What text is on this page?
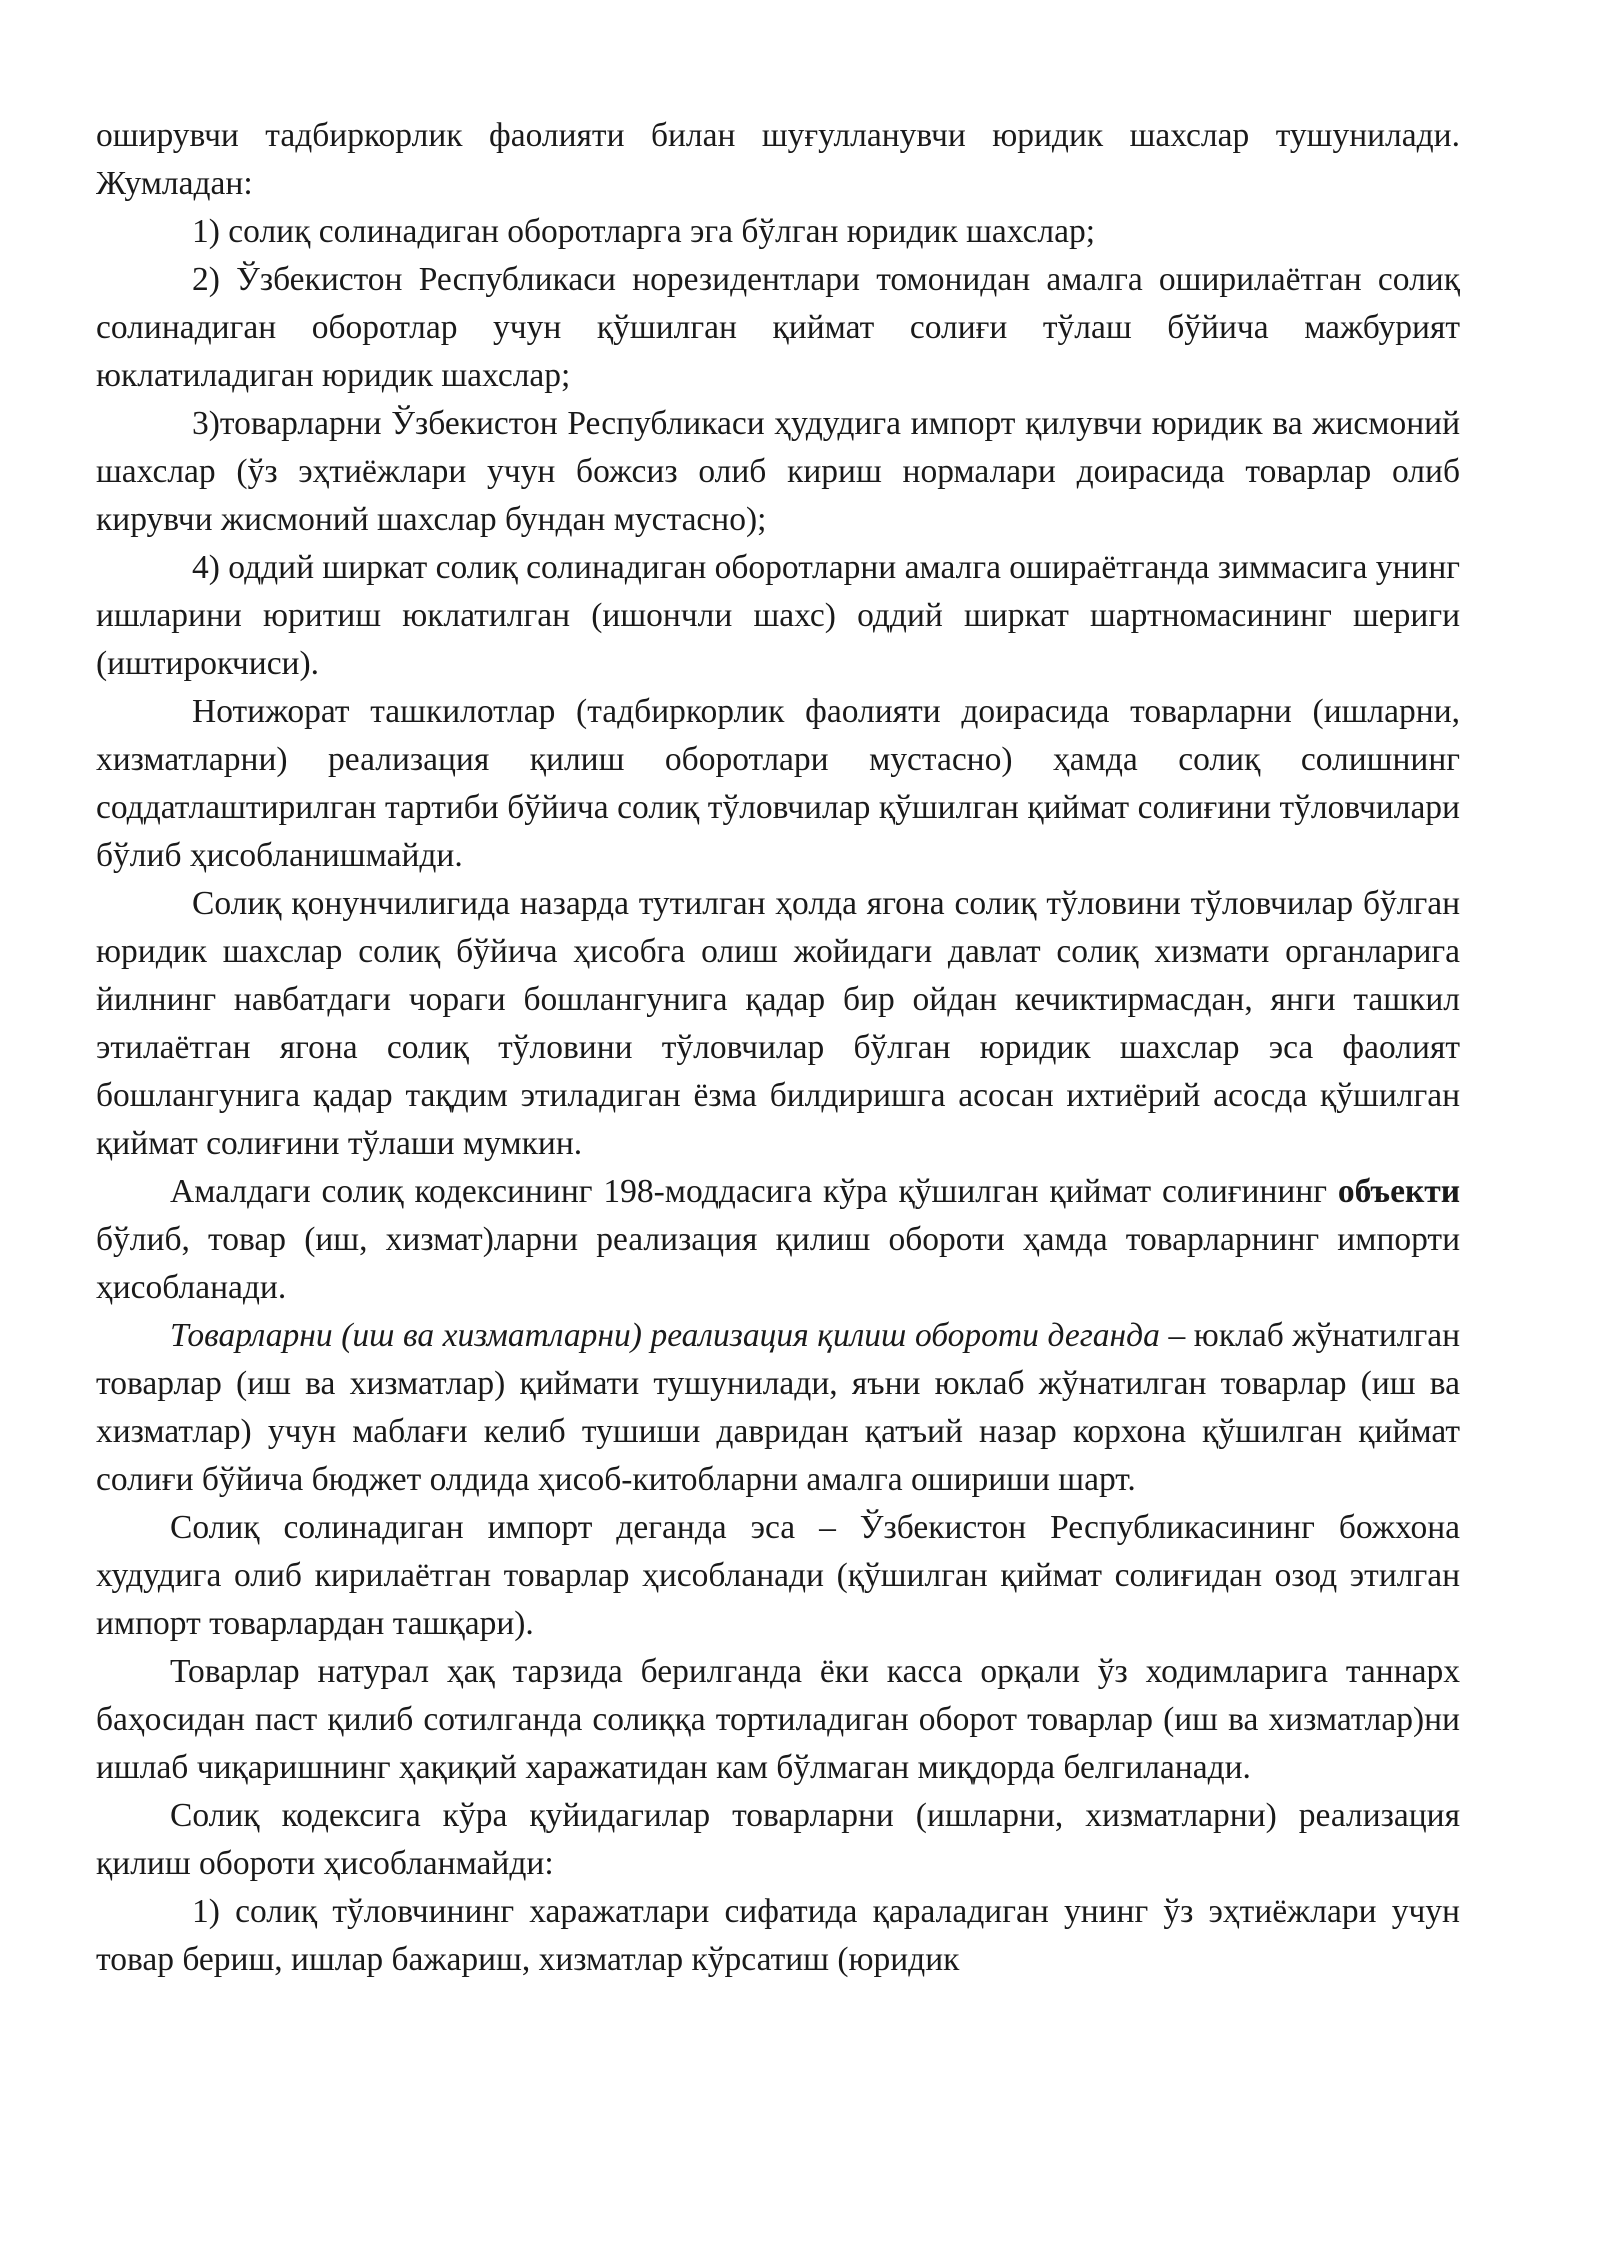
оширувчи тадбиркорлик фаолияти билан шуғулланувчи юридик шахслар тушунилади. Жумладан:

1) солиқ солинадиган оборотларга эга бўлган юридик шахслар;

2) Ўзбекистон Республикаси норезидентлари томонидан амалга оширилаётган солиқ солинадиган оборотлар учун қўшилган қиймат солиғи тўлаш бўйича мажбурият юклатиладиган юридик шахслар;

3)товарларни Ўзбекистон Республикаси ҳудудига импорт қилувчи юридик ва жисмоний шахслар (ўз эҳтиёжлари учун божсиз олиб кириш нормалари доирасида товарлар олиб кирувчи жисмоний шахслар бундан мустасно);

4) оддий ширкат солиқ солинадиган оборотларни амалга ошираётганда зиммасига унинг ишларини юритиш юклатилган (ишончли шахс) оддий ширкат шартномасининг шериги (иштирокчиси).

Нотижорат ташкилотлар (тадбиркорлик фаолияти доирасида товарларни (ишларни, хизматларни) реализация қилиш оборотлари мустасно) ҳамда солиқ солишнинг соддатлаштирилган тартиби бўйича солиқ тўловчилар қўшилган қиймат солиғини тўловчилари бўлиб ҳисобланишмайди.

Солиқ қонунчилигида назарда тутилган ҳолда ягона солиқ тўловини тўловчилар бўлган юридик шахслар солиқ бўйича ҳисобга олиш жойидаги давлат солиқ хизмати органларига йилнинг навбатдаги чораги бошлангунига қадар бир ойдан кечиктирмасдан, янги ташкил этилаётган ягона солиқ тўловини тўловчилар бўлган юридик шахслар эса фаолият бошлангунига қадар тақдим этиладиган ёзма билдиришга асосан ихтиёрий асосда қўшилган қиймат солиғини тўлаши мумкин.

Амалдаги солиқ кодексининг 198-моддасига кўра қўшилган қиймат солиғининг объекти бўлиб, товар (иш, хизмат)ларни реализация қилиш обороти ҳамда товарларнинг импорти ҳисобланади.

Товарларни (иш ва хизматларни) реализация қилиш обороти деганда – юклаб жўнатилган товарлар (иш ва хизматлар) қиймати тушунилади, яъни юклаб жўнатилган товарлар (иш ва хизматлар) учун маблағи келиб тушиши давридан қатъий назар корхона қўшилган қиймат солиғи бўйича бюджет олдида ҳисоб-китобларни амалга ошириши шарт.

Солиқ солинадиган импорт деганда эса – Ўзбекистон Республикасининг божхона худудига олиб кирилаётган товарлар ҳисобланади (қўшилган қиймат солиғидан озод этилган импорт товарлардан ташқари).

Товарлар натурал ҳақ тарзида берилганда ёки касса орқали ўз ходимларига таннарх баҳосидан паст қилиб сотилганда солиққа тортиладиган оборот товарлар (иш ва хизматлар)ни ишлаб чиқаришнинг ҳақиқий харажатидан кам бўлмаган миқдорда белгиланади.

Солиқ кодексига кўра қуйидагилар товарларни (ишларни, хизматларни) реализация қилиш обороти ҳисобланмайди:

1) солиқ тўловчининг харажатлари сифатида қараладиган унинг ўз эҳтиёжлари учун товар бериш, ишлар бажариш, хизматлар кўрсатиш (юридик
